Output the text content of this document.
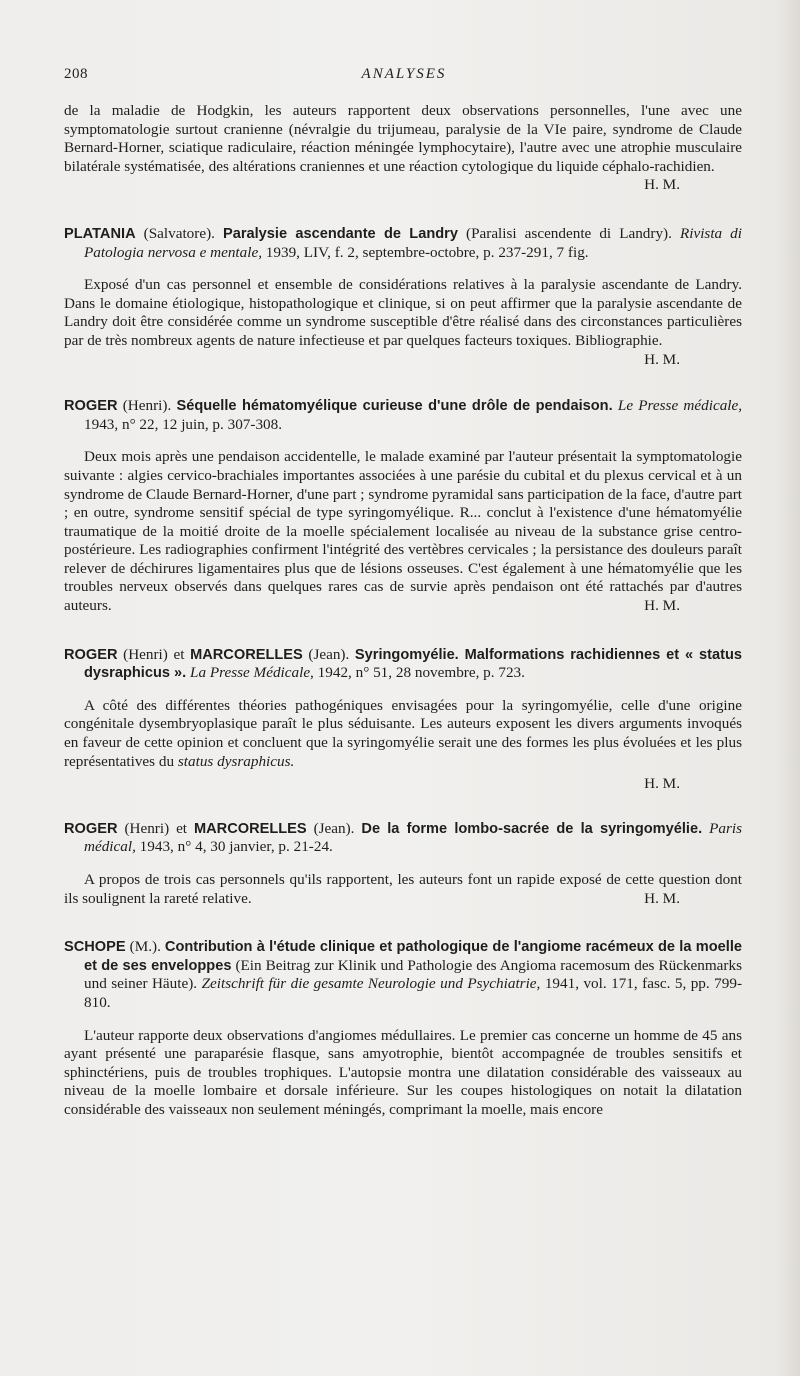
208	ANALYSES

de la maladie de Hodgkin, les auteurs rapportent deux observations personnelles, l'une avec une symptomatologie surtout cranienne (névralgie du trijumeau, paralysie de la VIe paire, syndrome de Claude Bernard-Horner, sciatique radiculaire, réaction méningée lymphocytaire), l'autre avec une atrophie musculaire bilatérale systématisée, des altérations craniennes et une réaction cytologique du liquide céphalo-rachidien.

H. M.

PLATANIA (Salvatore). Paralysie ascendante de Landry (Paralisi ascendente di Landry). Rivista di Patologia nervosa e mentale, 1939, LIV, f. 2, septembre-octobre, p. 237-291, 7 fig.

Exposé d'un cas personnel et ensemble de considérations relatives à la paralysie ascendante de Landry. Dans le domaine étiologique, histopathologique et clinique, si on peut affirmer que la paralysie ascendante de Landry doit être considérée comme un syndrome susceptible d'être réalisé dans des circonstances particulières par de très nombreux agents de nature infectieuse et par quelques facteurs toxiques. Bibliographie.
H. M.

ROGER (Henri). Séquelle hématomyélique curieuse d'une drôle de pendaison. Le Presse médicale, 1943, n° 22, 12 juin, p. 307-308.

Deux mois après une pendaison accidentelle, le malade examiné par l'auteur présentait la symptomatologie suivante : algies cervico-brachiales importantes associées à une parésie du cubital et du plexus cervical et à un syndrome de Claude Bernard-Horner, d'une part ; syndrome pyramidal sans participation de la face, d'autre part ; en outre, syndrome sensitif spécial de type syringomyélique. R... conclut à l'existence d'une hématomyélie traumatique de la moitié droite de la moelle spécialement localisée au niveau de la substance grise centro-postérieure. Les radiographies confirment l'intégrité des vertèbres cervicales ; la persistance des douleurs paraît relever de déchirures ligamentaires plus que de lésions osseuses. C'est également à une hématomyélie que les troubles nerveux observés dans quelques rares cas de survie après pendaison ont été rattachés par d'autres auteurs.	H. M.

ROGER (Henri) et MARCORELLES (Jean). Syringomyélie. Malformations rachidiennes et « status dysraphicus ». La Presse Médicale, 1942, n° 51, 28 novembre, p. 723.

A côté des différentes théories pathogéniques envisagées pour la syringomyélie, celle d'une origine congénitale dysembryoplasique paraît le plus séduisante. Les auteurs exposent les divers arguments invoqués en faveur de cette opinion et concluent que la syringomyélie serait une des formes les plus évoluées et les plus représentatives du status dysraphicus.

H. M.

ROGER (Henri) et MARCORELLES (Jean). De la forme lombo-sacrée de la syringomyélie. Paris médical, 1943, n° 4, 30 janvier, p. 21-24.

A propos de trois cas personnels qu'ils rapportent, les auteurs font un rapide exposé de cette question dont ils soulignent la rareté relative.	H. M.

SCHOPE (M.). Contribution à l'étude clinique et pathologique de l'angiome racémeux de la moelle et de ses enveloppes (Ein Beitrag zur Klinik und Pathologie des Angioma racemosum des Rückenmarks und seiner Häute). Zeitschrift für die gesamte Neurologie und Psychiatrie, 1941, vol. 171, fasc. 5, pp. 799-810.

L'auteur rapporte deux observations d'angiomes médullaires. Le premier cas concerne un homme de 45 ans ayant présenté une paraparésie flasque, sans amyotrophie, bientôt accompagnée de troubles sensitifs et sphinctériens, puis de troubles trophiques. L'autopsie montra une dilatation considérable des vaisseaux au niveau de la moelle lombaire et dorsale inférieure. Sur les coupes histologiques on notait la dilatation considérable des vaisseaux non seulement méningés, comprimant la moelle, mais encore
